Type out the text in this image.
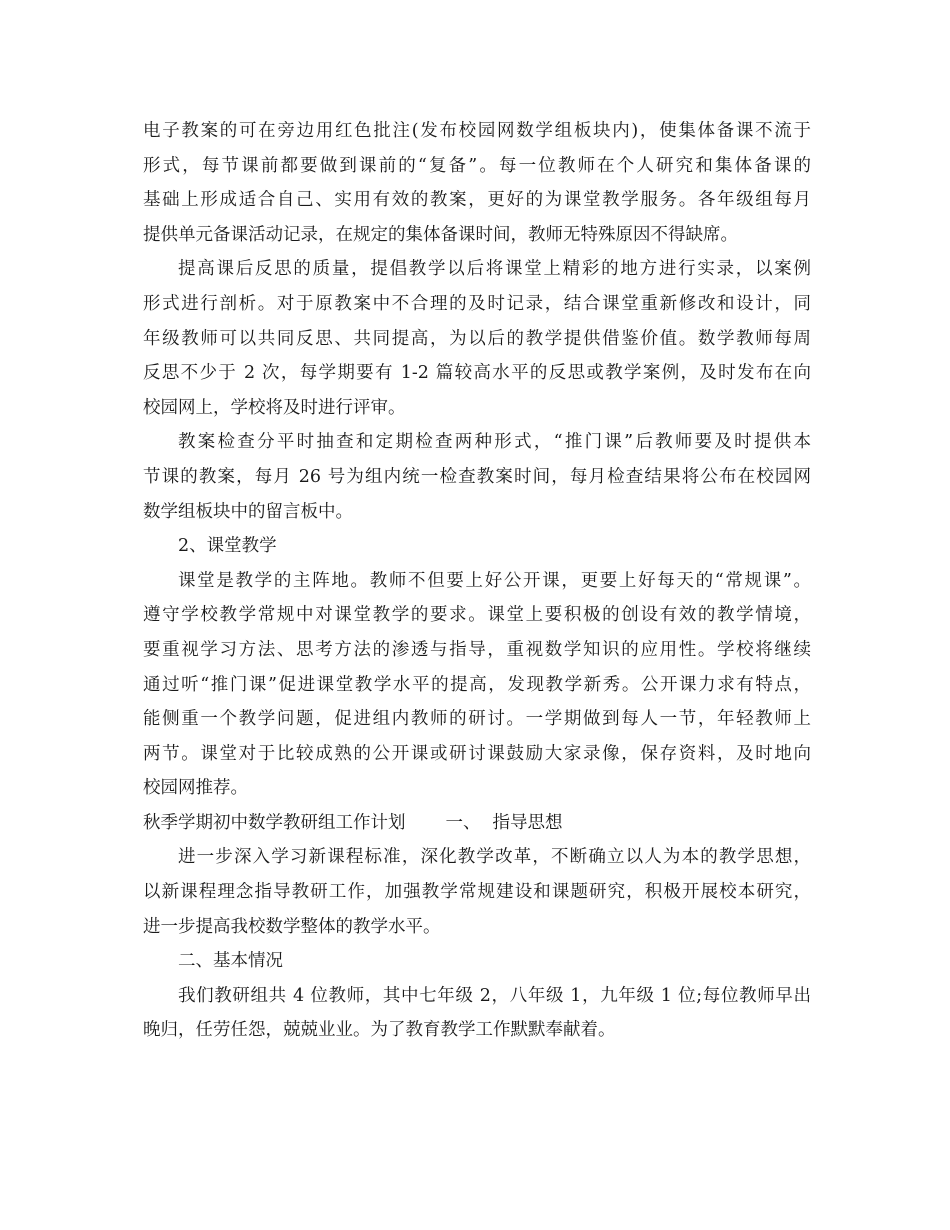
电子教案的可在旁边用红色批注(发布校园网数学组板块内)，使集体备课不流于
形式，每节课前都要做到课前的“复备”。每一位教师在个人研究和集体备课的
基础上形成适合自己、实用有效的教案，更好的为课堂教学服务。各年级组每月
提供单元备课活动记录，在规定的集体备课时间，教师无特殊原因不得缺席。
提高课后反思的质量，提倡教学以后将课堂上精彩的地方进行实录，以案例
形式进行剖析。对于原教案中不合理的及时记录，结合课堂重新修改和设计，同
年级教师可以共同反思、共同提高，为以后的教学提供借鉴价值。数学教师每周
反思不少于 2 次，每学期要有 1-2 篇较高水平的反思或教学案例，及时发布在向
校园网上，学校将及时进行评审。
教案检查分平时抽查和定期检查两种形式，“推门课”后教师要及时提供本
节课的教案，每月 26 号为组内统一检查教案时间，每月检查结果将公布在校园网
数学组板块中的留言板中。
2、课堂教学
课堂是教学的主阵地。教师不但要上好公开课，更要上好每天的“常规课”。
遵守学校教学常规中对课堂教学的要求。课堂上要积极的创设有效的教学情境，
要重视学习方法、思考方法的渗透与指导，重视数学知识的应用性。学校将继续
通过听“推门课”促进课堂教学水平的提高，发现教学新秀。公开课力求有特点，
能侧重一个教学问题，促进组内教师的研讨。一学期做到每人一节，年轻教师上
两节。课堂对于比较成熟的公开课或研讨课鼓励大家录像，保存资料，及时地向
校园网推荐。
秋季学期初中数学教研组工作计划 一、 指导思想
进一步深入学习新课程标准，深化教学改革，不断确立以人为本的教学思想，
以新课程理念指导教研工作，加强教学常规建设和课题研究，积极开展校本研究，
进一步提高我校数学整体的教学水平。
二、基本情况
我们教研组共 4 位教师，其中七年级 2，八年级 1，九年级 1 位;每位教师早出
晚归，任劳任怨，兢兢业业。为了教育教学工作默默奉献着。
